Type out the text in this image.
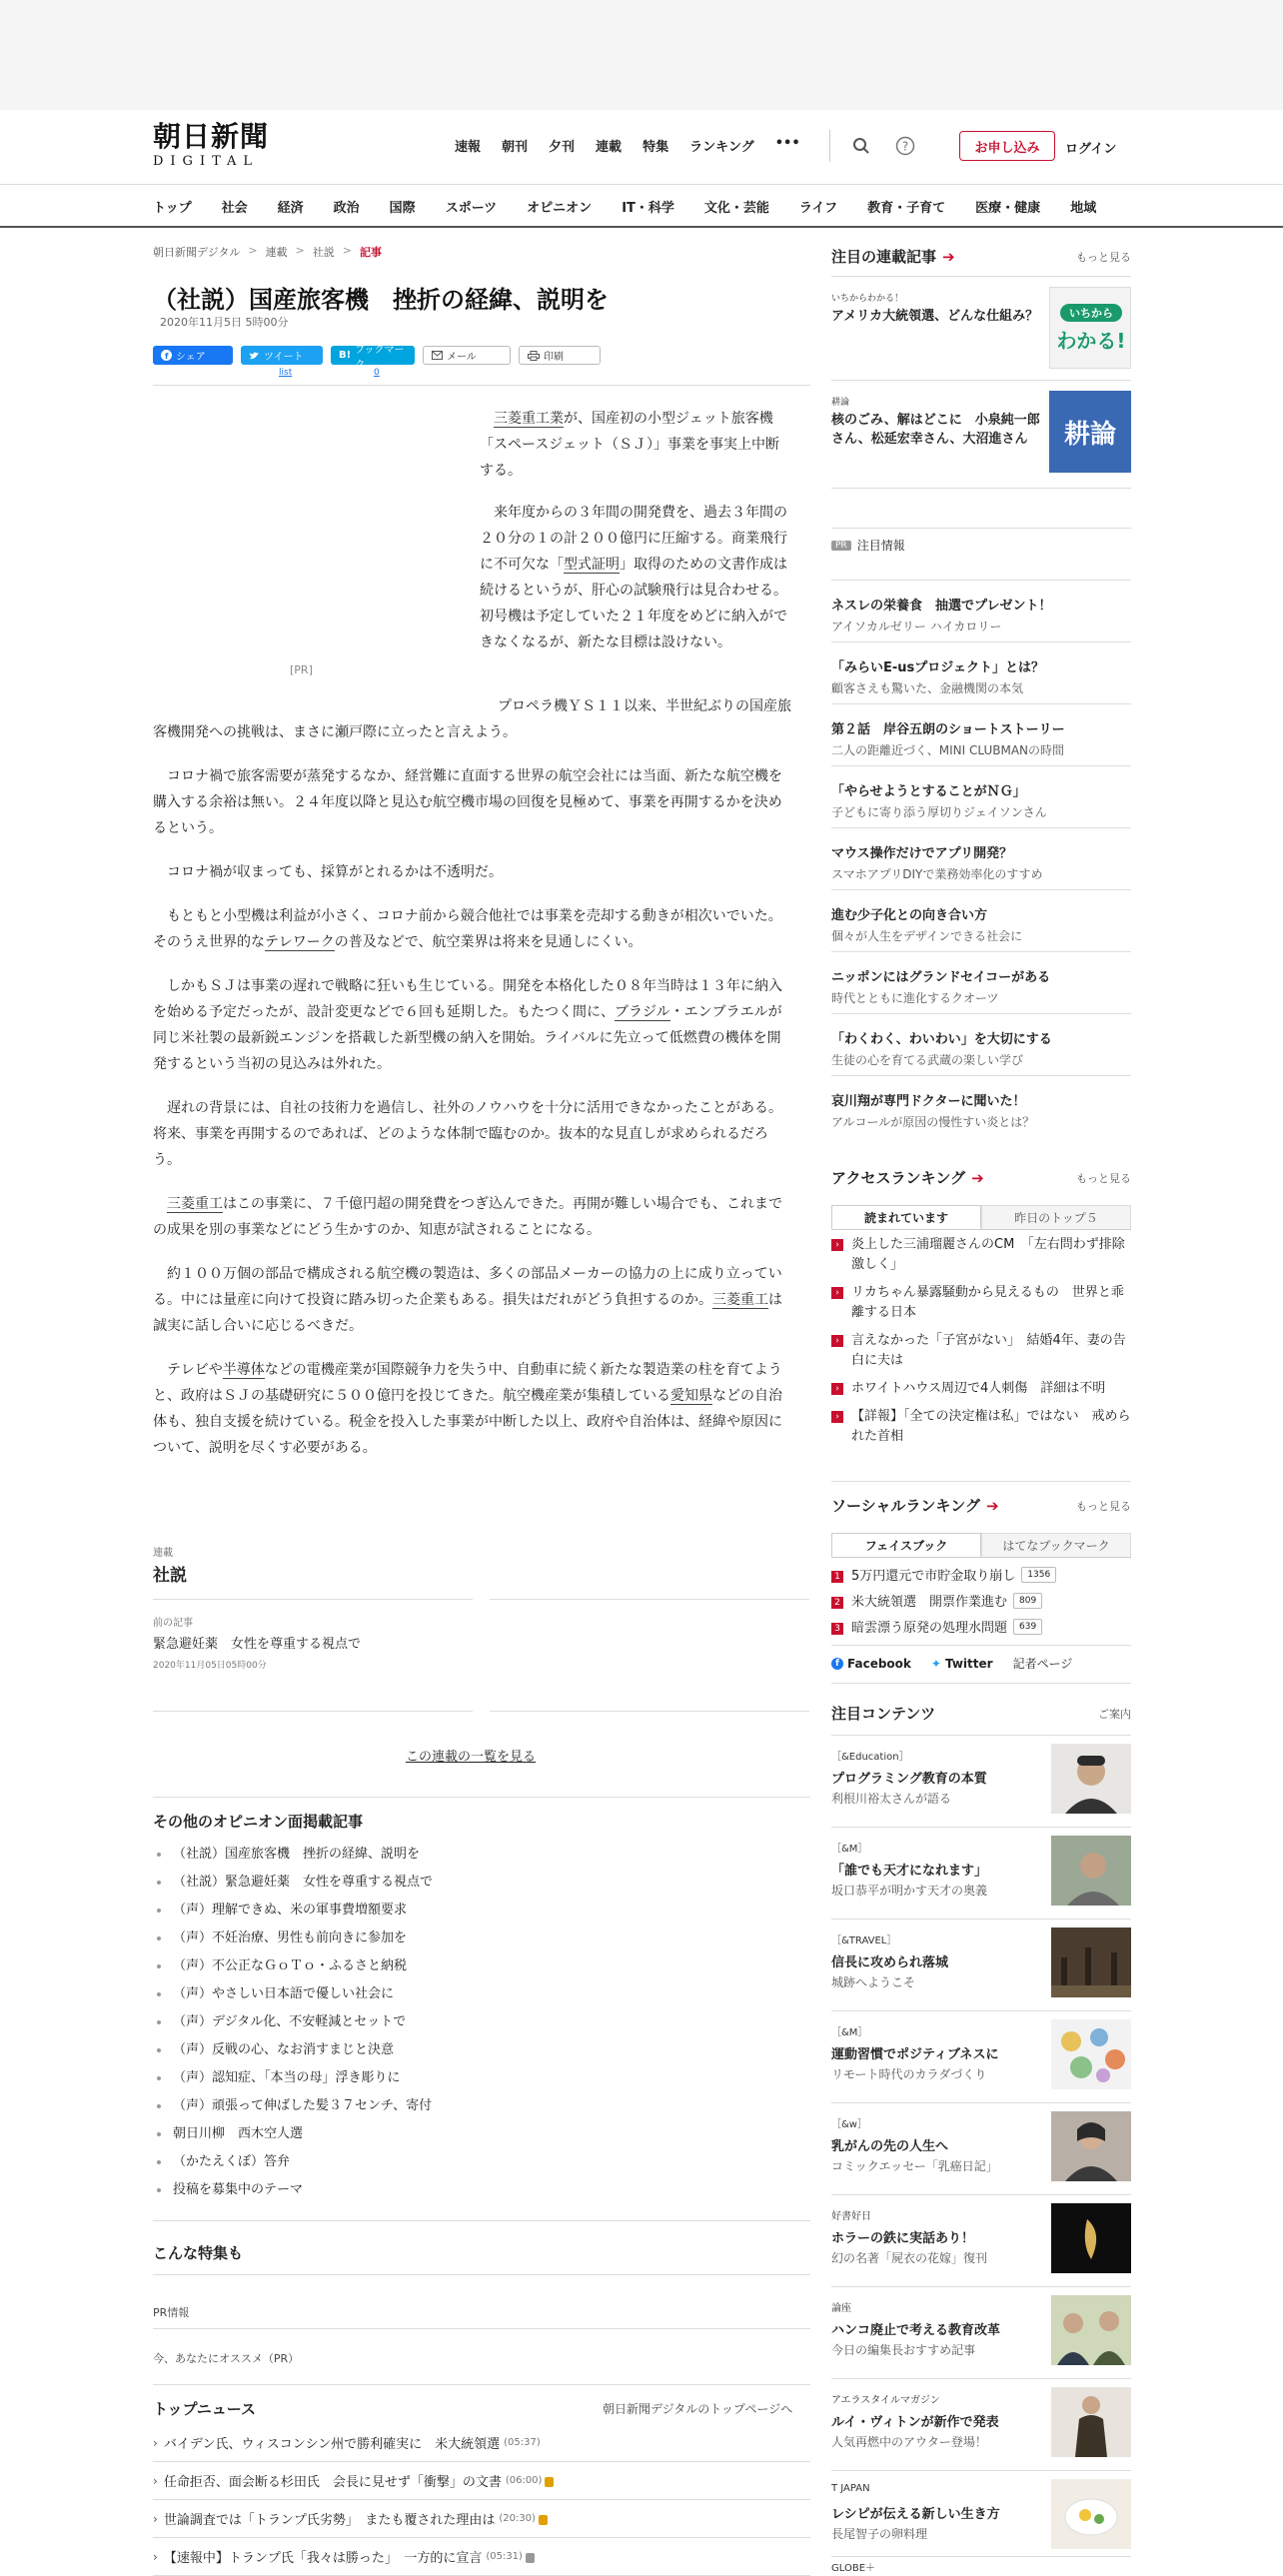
朝日新聞
DIGITAL
速報 朝刊 夕刊 連載 特集 ランキング •••	?	お申し込み	ログイン
トップ 社会 経済 政治 国際 スポーツ オピニオン IT・科学 文化・芸能 ライフ 教育・子育て 医療・健康 地域
朝日新聞デジタル > 連載 > 社説 > 記事
（社説）国産旅客機　挫折の経緯、説明を
2020年11月5日 5時00分
f シェア	ツイート	B! ブックマーク
メール	印刷
list	0
[PR]

三菱重工業が、国産初の小型ジェット旅客機「スペースジェット（ＳＪ）」事業を事実上中断する。

来年度からの３年間の開発費を、過去３年間の２０分の１の計２００億円に圧縮する。商業飛行に不可欠な「型式証明」取得のための文書作成は続けるというが、肝心の試験飛行は見合わせる。初号機は予定していた２１年度をめどに納入ができなくなるが、新たな目標は設けない。

プロペラ機ＹＳ１１以来、半世紀ぶりの国産旅客機開発への挑戦は、まさに瀬戸際に立ったと言えよう。

コロナ禍で旅客需要が蒸発するなか、経営難に直面する世界の航空会社には当面、新たな航空機を購入する余裕は無い。２４年度以降と見込む航空機市場の回復を見極めて、事業を再開するかを決めるという。

コロナ禍が収まっても、採算がとれるかは不透明だ。

もともと小型機は利益が小さく、コロナ前から競合他社では事業を売却する動きが相次いでいた。そのうえ世界的なテレワークの普及などで、航空業界は将来を見通しにくい。

しかもＳＪは事業の遅れで戦略に狂いも生じている。開発を本格化した０８年当時は１３年に納入を始める予定だったが、設計変更などで６回も延期した。もたつく間に、ブラジル・エンブラエルが同じ米社製の最新鋭エンジンを搭載した新型機の納入を開始。ライバルに先立って低燃費の機体を開発するという当初の見込みは外れた。

遅れの背景には、自社の技術力を過信し、社外のノウハウを十分に活用できなかったことがある。将来、事業を再開するのであれば、どのような体制で臨むのか。抜本的な見直しが求められるだろう。

三菱重工はこの事業に、７千億円超の開発費をつぎ込んできた。再開が難しい場合でも、これまでの成果を別の事業などにどう生かすのか、知恵が試されることになる。

約１００万個の部品で構成される航空機の製造は、多くの部品メーカーの協力の上に成り立っている。中には量産に向けて投資に踏み切った企業もある。損失はだれがどう負担するのか。三菱重工は誠実に話し合いに応じるべきだ。

テレビや半導体などの電機産業が国際競争力を失う中、自動車に続く新たな製造業の柱を育てようと、政府はＳＪの基礎研究に５００億円を投じてきた。航空機産業が集積している愛知県などの自治体も、独自支援を続けている。税金を投入した事業が中断した以上、政府や自治体は、経緯や原因について、説明を尽くす必要がある。

連載
社説
前の記事
緊急避妊薬　女性を尊重する視点で
2020年11月05日05時00分
この連載の一覧を見る
その他のオピニオン面掲載記事
（社説）国産旅客機　挫折の経緯、説明を
（社説）緊急避妊薬　女性を尊重する視点で
（声）理解できぬ、米の軍事費増額要求
（声）不妊治療、男性も前向きに参加を
（声）不公正なＧｏＴｏ・ふるさと納税
（声）やさしい日本語で優しい社会に
（声）デジタル化、不安軽減とセットで
（声）反戦の心、なお消すまじと決意
（声）認知症、「本当の母」浮き彫りに
（声）頑張って伸ばした髪３７センチ、寄付
朝日川柳　西木空人選
（かたえくぼ）答弁
投稿を募集中のテーマ
こんな特集も
PR情報
今、あなたにオススメ（PR）
トップニュース	朝日新聞デジタルのトップページへ
› バイデン氏、ウィスコンシン州で勝利確実に　米大統領選 (05:37)
› 任命拒否、面会断る杉田氏　会長に見せず「衝撃」の文書 (06:00)
› 世論調査では「トランプ氏劣勢」　またも覆された理由は (20:30)
› 【速報中】トランプ氏「我々は勝った」　一方的に宣言 (05:31)
注目の連載記事 ➔	もっと見る
いちからわかる！
アメリカ大統領選、どんな仕組み？	いちから
わかる!
耕論
核のごみ、解はどこに　小泉純一郎さん、松延宏幸さん、大沼進さん	耕論
PR 注目情報
ネスレの栄養食　抽選でプレゼント！
アイソカルゼリー ハイカロリー
「みらいE-usプロジェクト」とは？
顧客さえも驚いた、金融機関の本気
第２話　岸谷五朗のショートストーリー
二人の距離近づく、MINI CLUBMANの時間
「やらせようとすることがＮＧ」
子どもに寄り添う厚切りジェイソンさん
マウス操作だけでアプリ開発？
スマホアプリDIYで業務効率化のすすめ
進む少子化との向き合い方
個々が人生をデザインできる社会に
ニッポンにはグランドセイコーがある
時代とともに進化するクオーツ
「わくわく、わいわい」を大切にする
生徒の心を育てる武蔵の楽しい学び
哀川翔が専門ドクターに聞いた！
アルコールが原因の慢性すい炎とは？
アクセスランキング ➔	もっと見る
読まれています	昨日のトップ５
› 炎上した三浦瑠麗さんのCM　「左右問わず排除激しく」
› リカちゃん暴露騒動から見えるもの　世界と乖離する日本
› 言えなかった「子宮がない」　結婚4年、妻の告白に夫は
› ホワイトハウス周辺で4人刺傷　詳細は不明
› 【詳報】「全ての決定権は私」ではない　戒められた首相
ソーシャルランキング ➔	もっと見る
フェイスブック	はてなブックマーク
1 5万円還元で市貯金取り崩し	1356
2 米大統領選　開票作業進む	809
3 暗雲漂う原発の処理水問題	639
f Facebook ✦ Twitter 記者ページ
注目コンテンツ	ご案内
［&Education］
プログラミング教育の本質
利根川裕太さんが語る
［&M］
「誰でも天才になれます」
坂口恭平が明かす天才の奥義
［&TRAVEL］
信長に攻められ落城
城跡へようこそ
［&M］
運動習慣でポジティブネスに
リモート時代のカラダづくり
［&w］
乳がんの先の人生へ
コミックエッセー「乳癌日記」
好書好日
ホラーの鉄に実話あり！
幻の名著「屍衣の花嫁」復刊
論座
ハンコ廃止で考える教育改革
今日の編集長おすすめ記事
アエラスタイルマガジン
ルイ・ヴィトンが新作で発表
人気再燃中のアウター登場！
T JAPAN
レシピが伝える新しい生き方
長尾智子の卵料理
GLOBE＋
